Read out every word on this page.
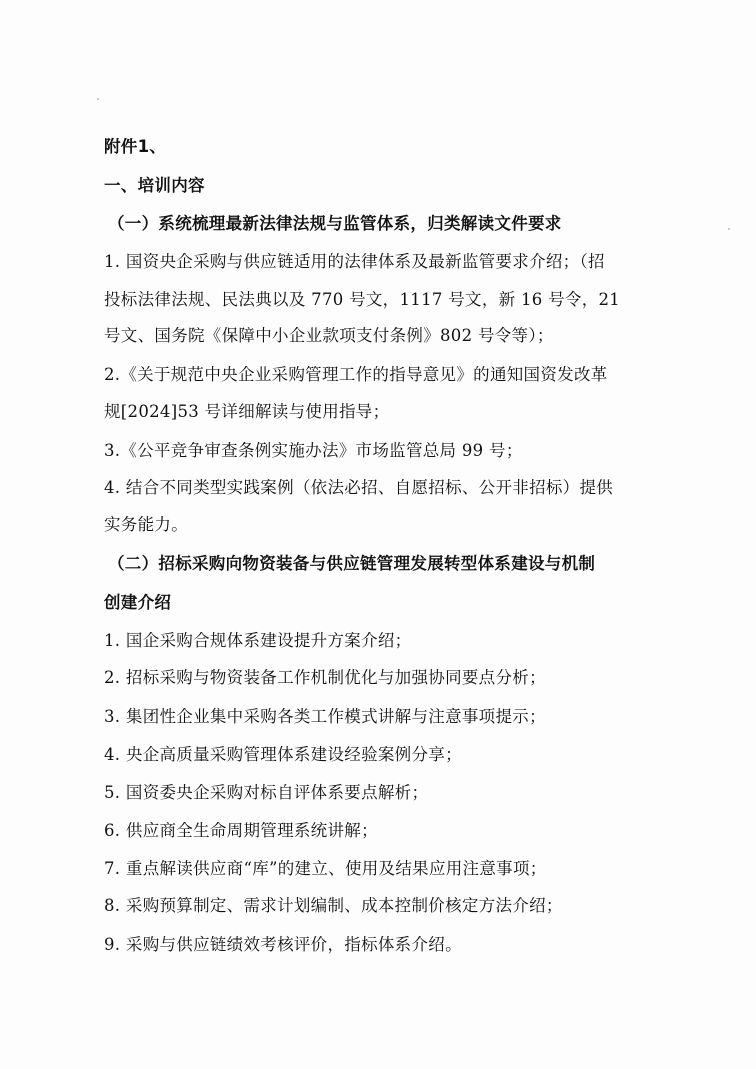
附件1、
一、培训内容
（一）系统梳理最新法律法规与监管体系，归类解读文件要求
1. 国资央企采购与供应链适用的法律体系及最新监管要求介绍；（招
投标法律法规、民法典以及 770 号文，1117 号文，新 16 号令，21
号文、国务院《保障中小企业款项支付条例》802 号令等）；
2.《关于规范中央企业采购管理工作的指导意见》的通知国资发改革
规[2024]53 号详细解读与使用指导；
3.《公平竞争审查条例实施办法》市场监管总局 99 号；
4. 结合不同类型实践案例（依法必招、自愿招标、公开非招标）提供
实务能力。
（二）招标采购向物资装备与供应链管理发展转型体系建设与机制
创建介绍
1. 国企采购合规体系建设提升方案介绍；
2. 招标采购与物资装备工作机制优化与加强协同要点分析；
3. 集团性企业集中采购各类工作模式讲解与注意事项提示；
4. 央企高质量采购管理体系建设经验案例分享；
5. 国资委央企采购对标自评体系要点解析；
6. 供应商全生命周期管理系统讲解；
7. 重点解读供应商“库”的建立、使用及结果应用注意事项；
8. 采购预算制定、需求计划编制、成本控制价核定方法介绍；
9. 采购与供应链绩效考核评价，指标体系介绍。
